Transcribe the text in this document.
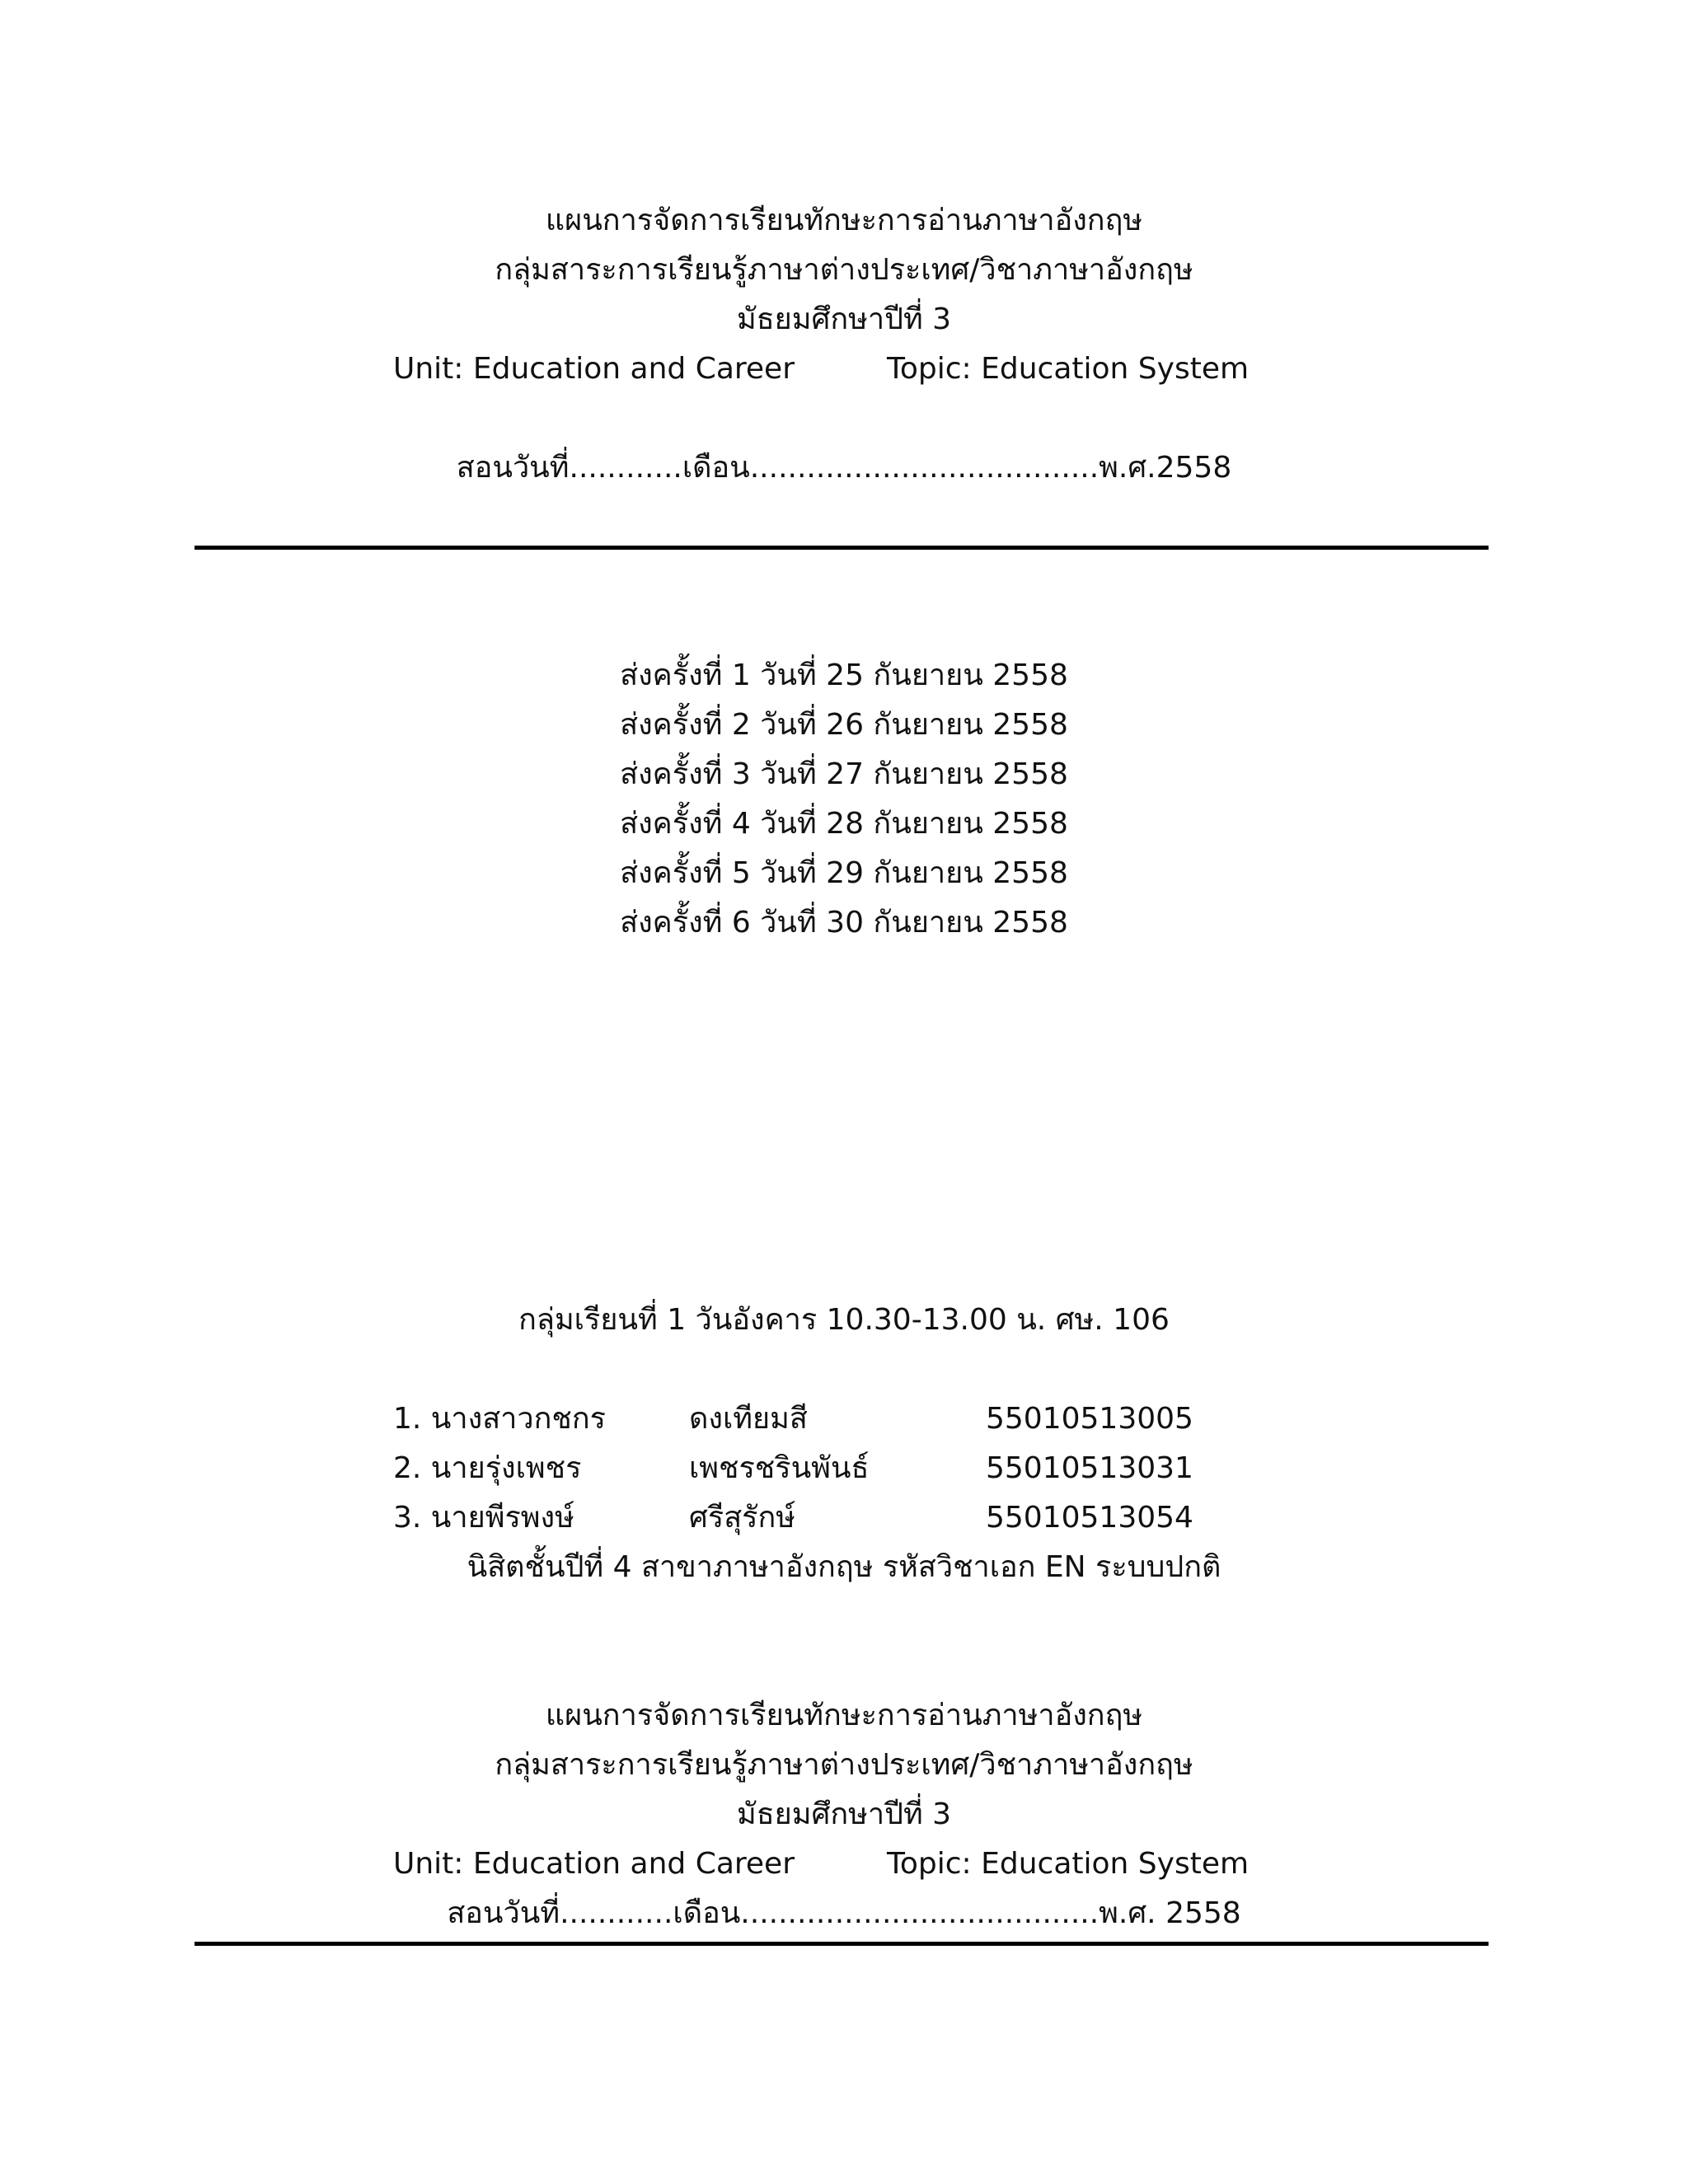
แผนการจัดการเรียนทักษะการอ่านภาษาอังกฤษ
กลุ่มสาระการเรียนรู้ภาษาต่างประเทศ/วิชาภาษาอังกฤษ
มัธยมศึกษาปีที่ 3
Unit: Education and Career	Topic: Education System
สอนวันที่............เดือน.....................................พ.ศ.2558
ส่งครั้งที่ 1 วันที่ 25 กันยายน 2558
ส่งครั้งที่ 2 วันที่ 26 กันยายน 2558
ส่งครั้งที่ 3 วันที่ 27 กันยายน 2558
ส่งครั้งที่ 4 วันที่ 28 กันยายน 2558
ส่งครั้งที่ 5 วันที่ 29 กันยายน 2558
ส่งครั้งที่ 6 วันที่ 30 กันยายน 2558
กลุ่มเรียนที่ 1 วันอังคาร 10.30-13.00 น. ศษ. 106
1. นางสาวกชกร	ดงเทียมสี	55010513005
2. นายรุ่งเพชร	เพชรชรินพันธ์	55010513031
3. นายพีรพงษ์	ศรีสุรักษ์	55010513054
นิสิตชั้นปีที่ 4 สาขาภาษาอังกฤษ รหัสวิชาเอก EN ระบบปกติ
แผนการจัดการเรียนทักษะการอ่านภาษาอังกฤษ
กลุ่มสาระการเรียนรู้ภาษาต่างประเทศ/วิชาภาษาอังกฤษ
มัธยมศึกษาปีที่ 3
Unit: Education and Career	Topic: Education System
สอนวันที่............เดือน......................................พ.ศ. 2558
